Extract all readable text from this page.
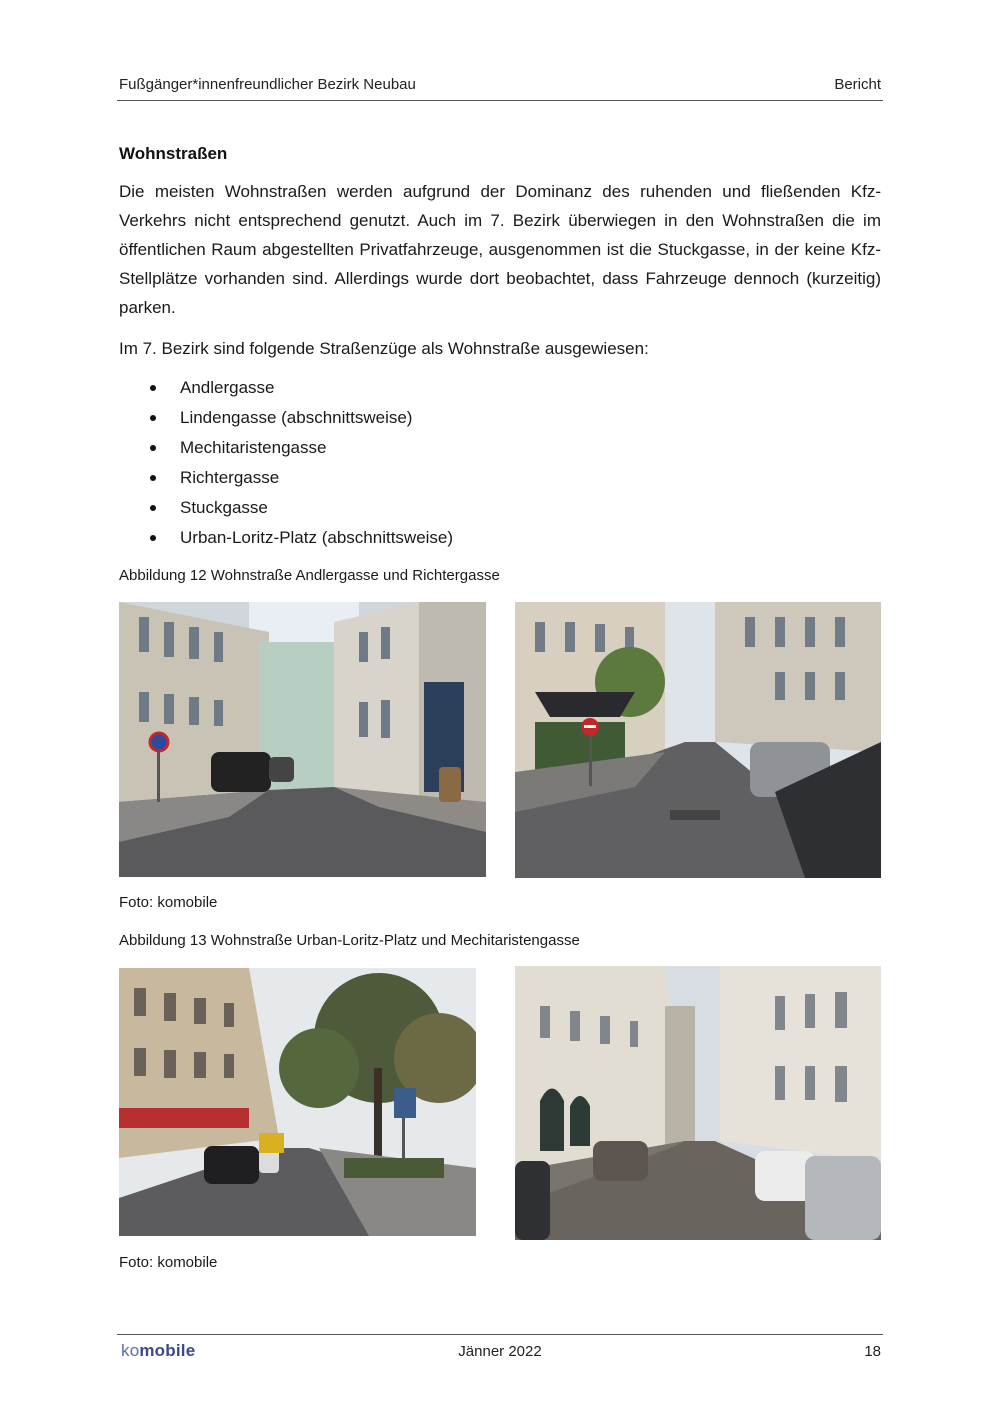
Fußgänger*innenfreundlicher Bezirk Neubau	Bericht
Wohnstraßen

Die meisten Wohnstraßen werden aufgrund der Dominanz des ruhenden und fließenden Kfz-Verkehrs nicht entsprechend genutzt. Auch im 7. Bezirk überwiegen in den Wohnstraßen die im öffentlichen Raum abgestellten Privatfahrzeuge, ausgenommen ist die Stuckgasse, in der keine Kfz-Stellplätze vorhanden sind. Allerdings wurde dort beobachtet, dass Fahrzeuge dennoch (kurzeitig) parken.

Im 7. Bezirk sind folgende Straßenzüge als Wohnstraße ausgewiesen:

Andlergasse
Lindengasse (abschnittsweise)
Mechitaristengasse
Richtergasse
Stuckgasse
Urban-Loritz-Platz (abschnittsweise)
Abbildung 12 Wohnstraße Andlergasse und Richtergasse
Foto: komobile
Abbildung 13 Wohnstraße Urban-Loritz-Platz und Mechitaristengasse
Foto: komobile
komobile	Jänner 2022	18
